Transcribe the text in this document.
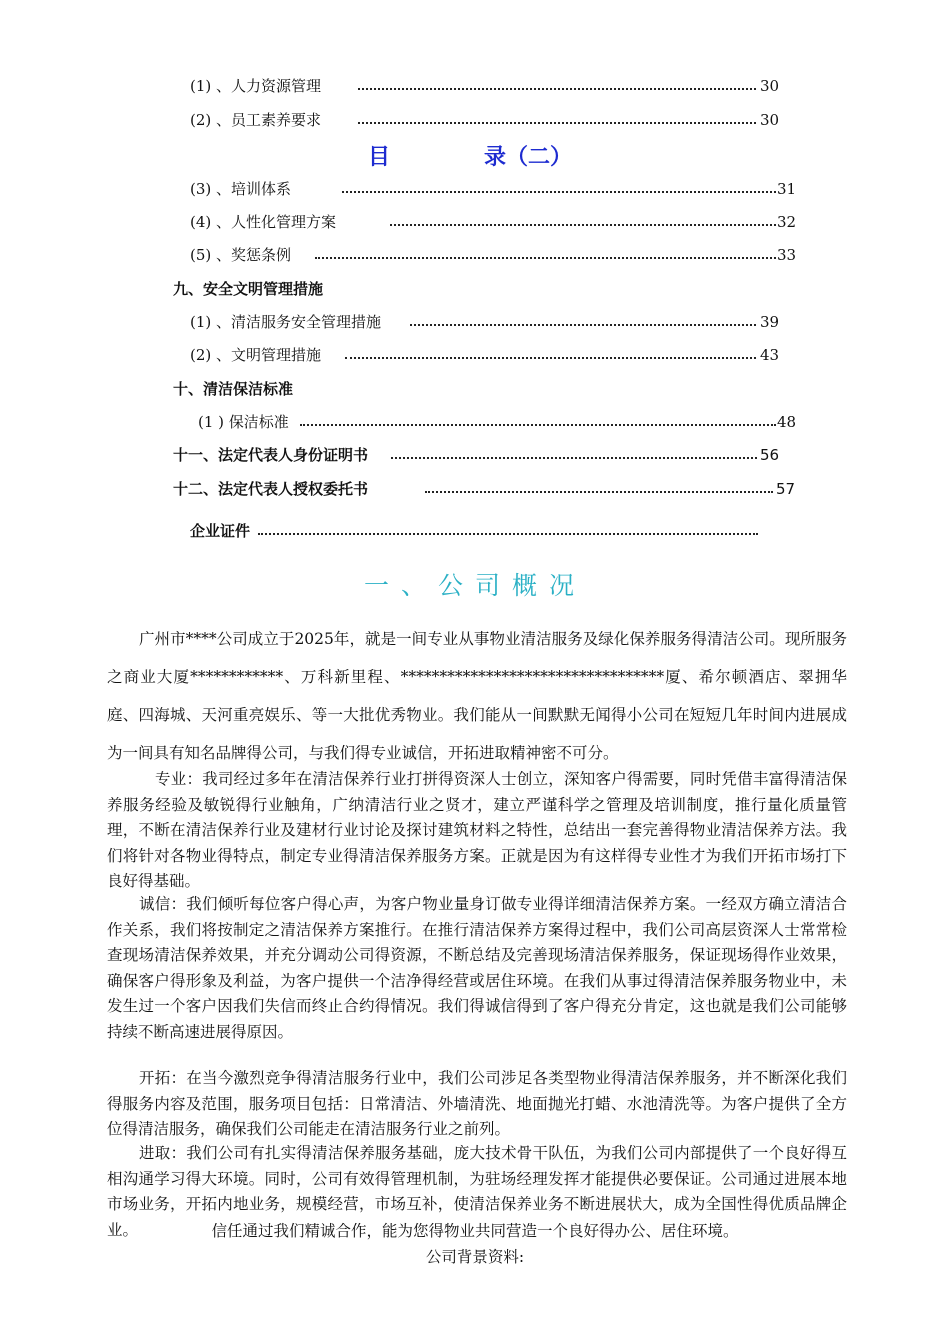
(1) 、人力资源管理	30
(2) 、员工素养要求	30
目	录（二）
(3) 、培训体系	31
(4) 、人性化管理方案	32
(5) 、奖惩条例	33
九、安全文明管理措施
(1) 、清洁服务安全管理措施	39
(2) 、文明管理措施	43
十、清洁保洁标准
(1 ) 保洁标准	48
十一、法定代表人身份证明书	56
十二、法定代表人授权委托书	57
企业证件
一、公司概况
广州市****公司成立于2025年，就是一间专业从事物业清洁服务及绿化保养服务得清洁公司。现所服务之商业大厦************、万科新里程、**********************************厦、希尔顿酒店、翠拥华庭、四海城、天河重亮娱乐、等一大批优秀物业。我们能从一间默默无闻得小公司在短短几年时间内进展成为一间具有知名品牌得公司，与我们得专业诚信，开拓进取精神密不可分。
专业：我司经过多年在清洁保养行业打拼得资深人士创立，深知客户得需要，同时凭借丰富得清洁保养服务经验及敏锐得行业触角，广纳清洁行业之贤才，建立严谨科学之管理及培训制度，推行量化质量管理，不断在清洁保养行业及建材行业讨论及探讨建筑材料之特性，总结出一套完善得物业清洁保养方法。我们将针对各物业得特点，制定专业得清洁保养服务方案。正就是因为有这样得专业性才为我们开拓市场打下良好得基础。
诚信：我们倾听每位客户得心声，为客户物业量身订做专业得详细清洁保养方案。一经双方确立清洁合作关系，我们将按制定之清洁保养方案推行。在推行清洁保养方案得过程中，我们公司高层资深人士常常检查现场清洁保养效果，并充分调动公司得资源，不断总结及完善现场清洁保养服务，保证现场得作业效果，确保客户得形象及利益，为客户提供一个洁净得经营或居住环境。在我们从事过得清洁保养服务物业中，未发生过一个客户因我们失信而终止合约得情况。我们得诚信得到了客户得充分肯定，这也就是我们公司能够持续不断高速进展得原因。
开拓：在当今激烈竞争得清洁服务行业中，我们公司涉足各类型物业得清洁保养服务，并不断深化我们得服务内容及范围，服务项目包括：日常清洁、外墙清洗、地面抛光打蜡、水池清洗等。为客户提供了全方位得清洁服务，确保我们公司能走在清洁服务行业之前列。
进取：我们公司有扎实得清洁保养服务基础，庞大技术骨干队伍，为我们公司内部提供了一个良好得互相沟通学习得大环境。同时，公司有效得管理机制，为驻场经理发挥才能提供必要保证。公司通过进展本地市场业务，开拓内地业务，规模经营，市场互补，使清洁保养业务不断进展状大，成为全国性得优质品牌企业。	信任通过我们精诚合作，能为您得物业共同营造一个良好得办公、居住环境。
公司背景资料:
